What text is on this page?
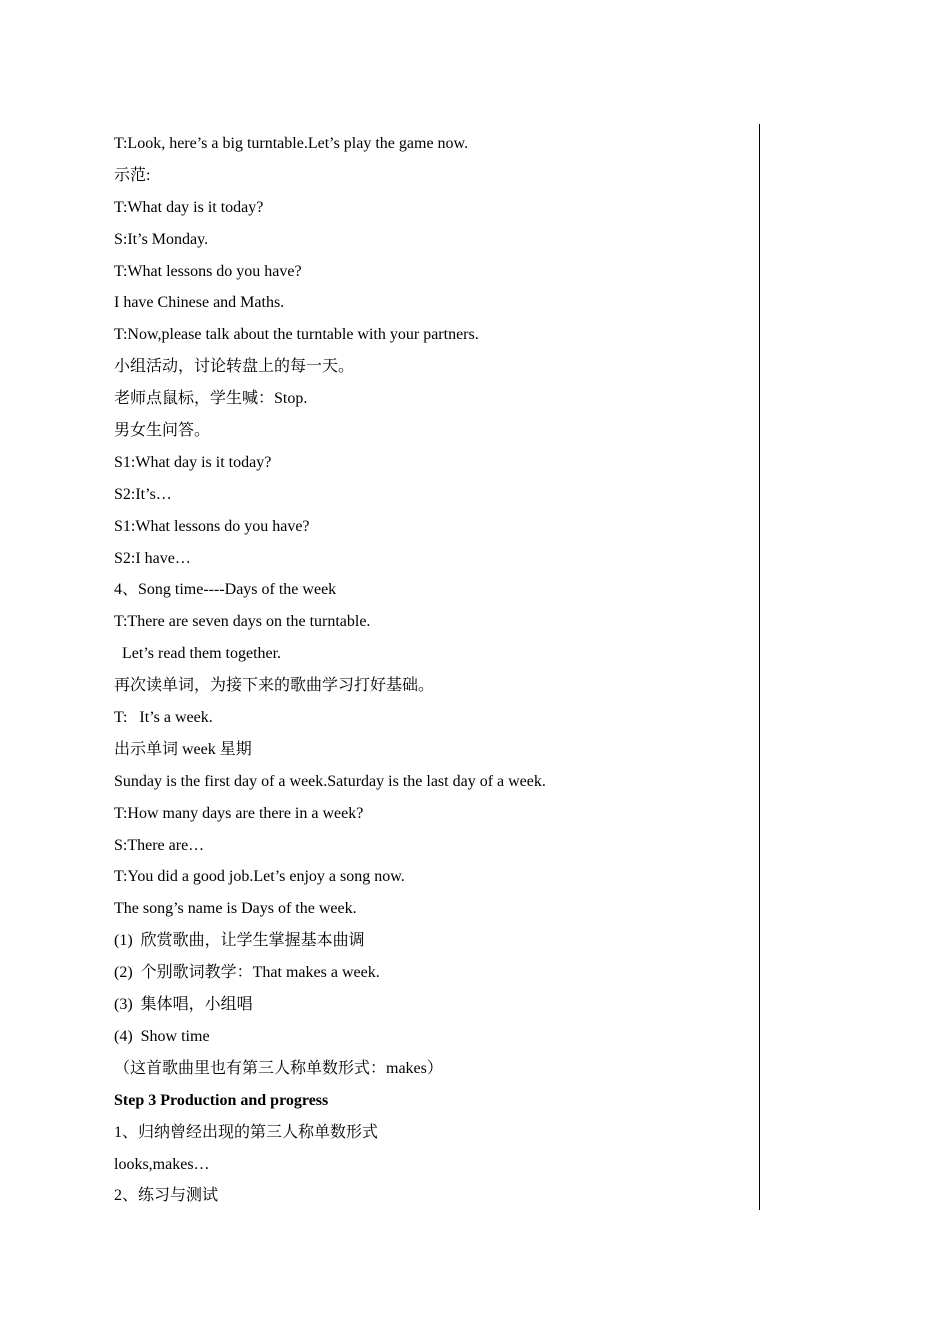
T:Look, here’s a big turntable.Let’s play the game now.
示范:
T:What day is it today?
S:It’s Monday.
T:What lessons do you have?
I have Chinese and Maths.
T:Now,please talk about the turntable with your partners.
小组活动，讨论转盘上的每一天。
老师点鼠标，学生喊：Stop.
男女生问答。
S1:What day is it today?
S2:It’s…
S1:What lessons do you have?
S2:I have…
4、Song time----Days of the week
T:There are seven days on the turntable.
Let’s read them together.
再次读单词，为接下来的歌曲学习打好基础。
T:   It’s a week.
出示单词 week 星期
Sunday is the first day of a week.Saturday is the last day of a week.
T:How many days are there in a week?
S:There are…
T:You did a good job.Let’s enjoy a song now.
The song’s name is Days of the week.
(1)  欣赏歌曲，让学生掌握基本曲调
(2)  个别歌词教学：That makes a week.
(3)  集体唱，小组唱
(4)  Show time
（这首歌曲里也有第三人称单数形式：makes）
Step 3 Production and progress
1、归纳曾经出现的第三人称单数形式
looks,makes…
2、练习与测试
